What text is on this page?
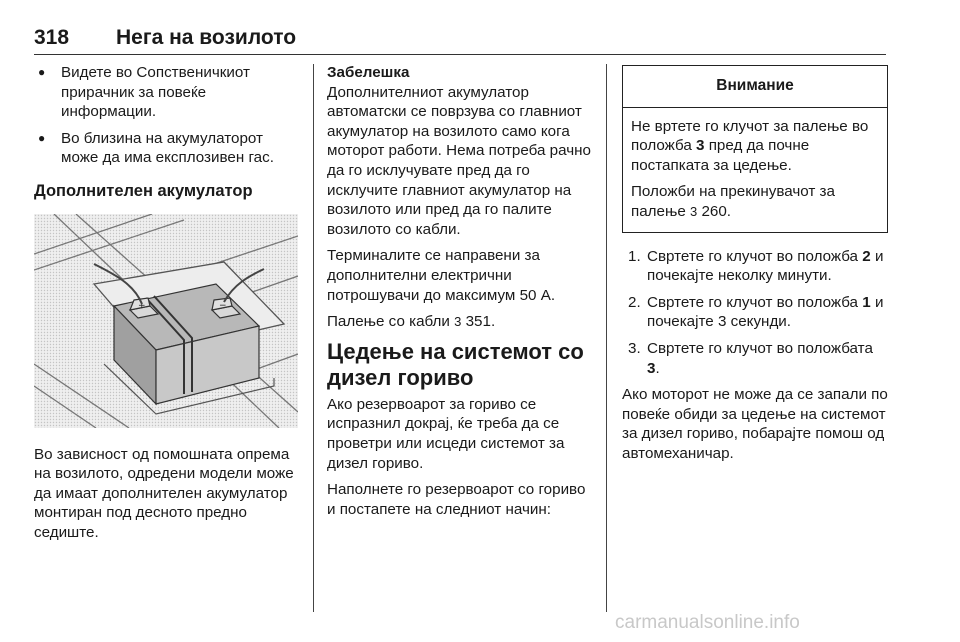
318 Нега на возилото
● Видете во Сопственичкиот прирачник за повеќе информации.
● Во близина на акумулаторот може да има експлозивен гас.
Дополнителен акумулатор
+	−

Во зависност од помошната опрема на возилото, одредени модели може да имаат дополнителен акумулатор монтиран под десното предно седиште.

Забелешка

Дополнителниот акумулатор автоматски се поврзува со главниот акумулатор на возилото само кога моторот работи. Нема потреба рачно да го исклучувате пред да го исклучите главниот акумулатор на возилото или пред да го палите возилото со кабли.

Терминалите се направени за дополнителни електрични потрошувачи до максимум 50 А.

Палење со кабли 3 351.

Цедење на системот со дизел гориво

Ако резервоарот за гориво се испразнил докрај, ќе треба да се проветри или исцеди системот за дизел гориво.

Наполнете го резервоарот со гориво и постапете на следниот начин:

Внимание

Не вртете го клучот за палење во положба 3 пред да почне постапката за цедење.

Положби на прекинувачот за палење 3 260.

1. Свртете го клучот во положба 2 и почекајте неколку минути.
2. Свртете го клучот во положба 1 и почекајте 3 секунди.
3. Свртете го клучот во положбата 3.

Ако моторот не може да се запали по повеќе обиди за цедење на системот за дизел гориво, побарајте помош од автомеханичар.

carmanualsonline.info
